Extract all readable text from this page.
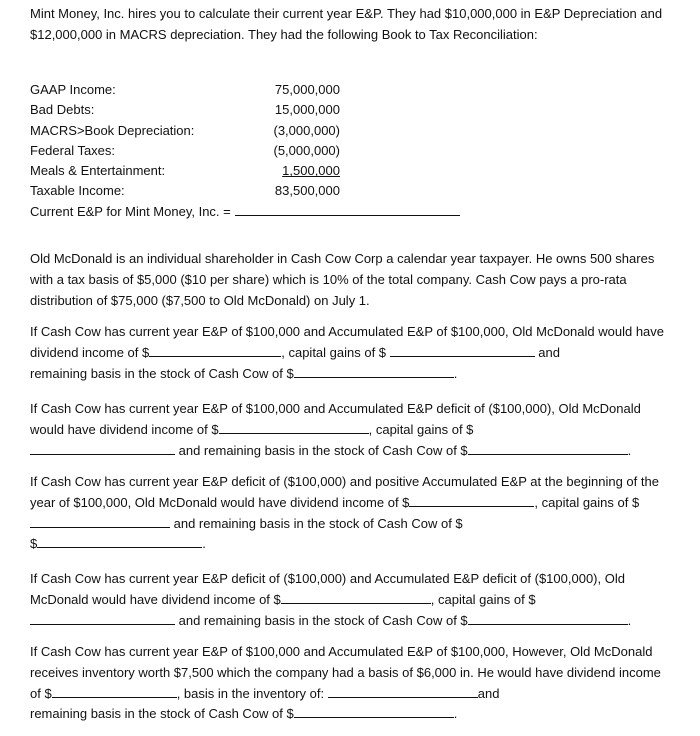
Mint Money, Inc. hires you to calculate their current year E&P. They had $10,000,000 in E&P Depreciation and $12,000,000 in MACRS depreciation. They had the following Book to Tax Reconciliation:

GAAP Income:	75,000,000
Bad Debts:	15,000,000
MACRS>Book Depreciation:	(3,000,000)
Federal Taxes:	(5,000,000)
Meals & Entertainment:	1,500,000
Taxable Income:	83,500,000
Current E&P for Mint Money, Inc. =

Old McDonald is an individual shareholder in Cash Cow Corp a calendar year taxpayer. He owns 500 shares with a tax basis of $5,000 ($10 per share) which is 10% of the total company. Cash Cow pays a pro-rata distribution of $75,000 ($7,500 to Old McDonald) on July 1.

If Cash Cow has current year E&P of $100,000 and Accumulated E&P of $100,000, Old McDonald would have dividend income of $	, capital gains of $	and
remaining basis in the stock of Cash Cow of $	.

If Cash Cow has current year E&P of $100,000 and Accumulated E&P deficit of ($100,000), Old McDonald would have dividend income of $	, capital gains of $
and remaining basis in the stock of Cash Cow of $	.

If Cash Cow has current year E&P deficit of ($100,000) and positive Accumulated E&P at the beginning of the year of $100,000, Old McDonald would have dividend income of $	, capital gains of $  and remaining basis in the stock of Cash Cow of $
$	.

If Cash Cow has current year E&P deficit of ($100,000) and Accumulated E&P deficit of ($100,000), Old McDonald would have dividend income of $	, capital gains of $
and remaining basis in the stock of Cash Cow of $	.

If Cash Cow has current year E&P of $100,000 and Accumulated E&P of $100,000, However, Old McDonald receives inventory worth $7,500 which the company had a basis of $6,000 in. He would have dividend income of $	, basis in the inventory of:	and
remaining basis in the stock of Cash Cow of $	.
